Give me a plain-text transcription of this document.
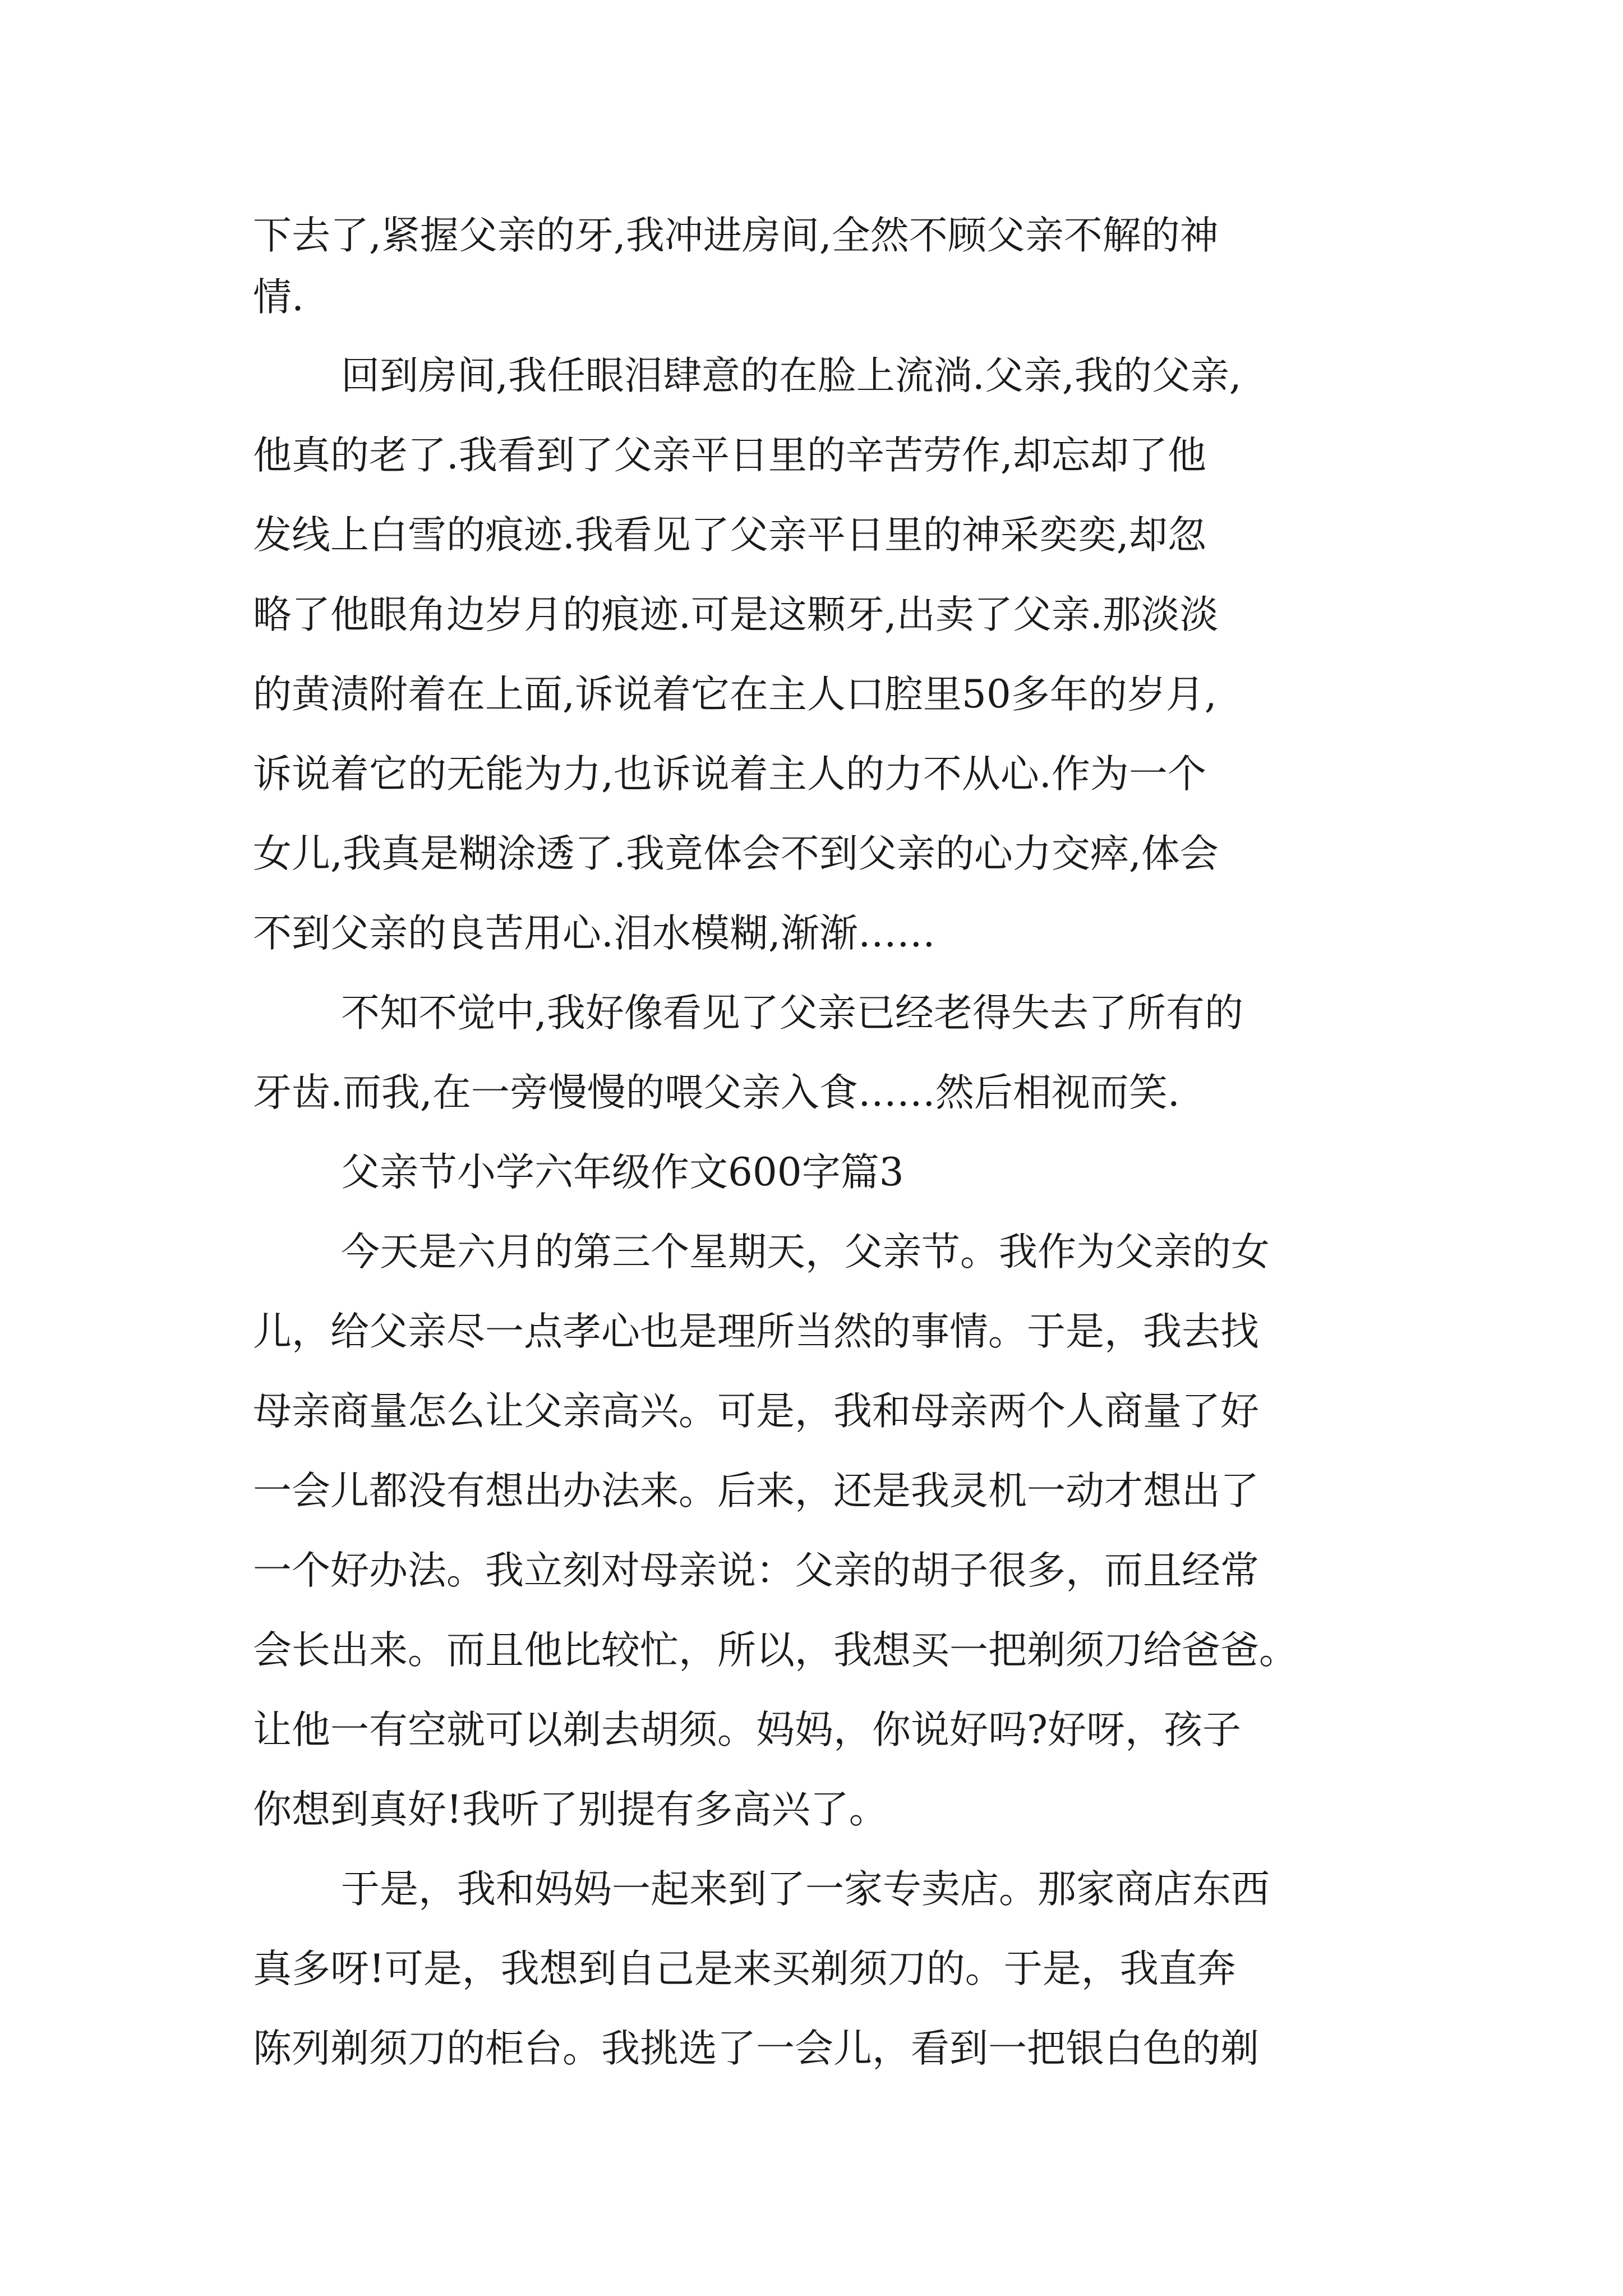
下去了,紧握父亲的牙,我冲进房间,全然不顾父亲不解的神
情.
回到房间,我任眼泪肆意的在脸上流淌.父亲,我的父亲,
他真的老了.我看到了父亲平日里的辛苦劳作,却忘却了他
发线上白雪的痕迹.我看见了父亲平日里的神采奕奕,却忽
略了他眼角边岁月的痕迹.可是这颗牙,出卖了父亲.那淡淡
的黄渍附着在上面,诉说着它在主人口腔里50多年的岁月,
诉说着它的无能为力,也诉说着主人的力不从心.作为一个
女儿,我真是糊涂透了.我竟体会不到父亲的心力交瘁,体会
不到父亲的良苦用心.泪水模糊,渐渐……
不知不觉中,我好像看见了父亲已经老得失去了所有的
牙齿.而我,在一旁慢慢的喂父亲入食……然后相视而笑.
父亲节小学六年级作文600字篇3
今天是六月的第三个星期天，父亲节。我作为父亲的女
儿，给父亲尽一点孝心也是理所当然的事情。于是，我去找
母亲商量怎么让父亲高兴。可是，我和母亲两个人商量了好
一会儿都没有想出办法来。后来，还是我灵机一动才想出了
一个好办法。我立刻对母亲说：父亲的胡子很多，而且经常
会长出来。而且他比较忙，所以，我想买一把剃须刀给爸爸。
让他一有空就可以剃去胡须。妈妈，你说好吗?好呀，孩子
你想到真好!我听了别提有多高兴了。
于是，我和妈妈一起来到了一家专卖店。那家商店东西
真多呀!可是，我想到自己是来买剃须刀的。于是，我直奔
陈列剃须刀的柜台。我挑选了一会儿，看到一把银白色的剃
